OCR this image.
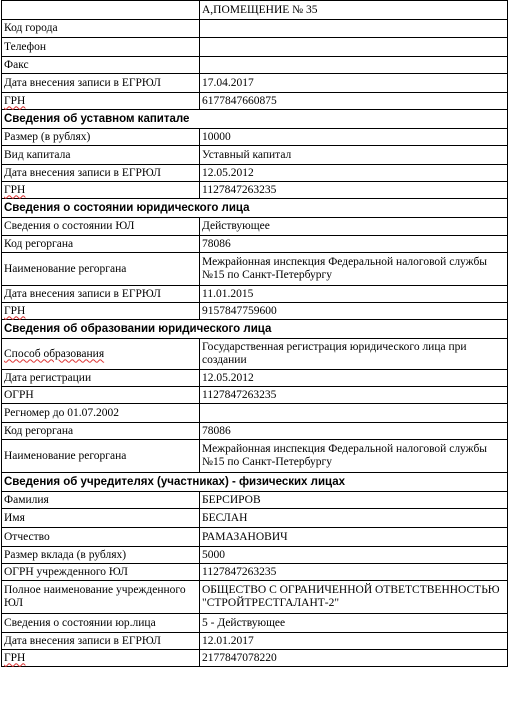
	А,ПОМЕЩЕНИЕ № 35
Код города	
Телефон	
Факс	
Дата внесения записи в ЕГРЮЛ	17.04.2017
ГРН	6177847660875
Сведения об уставном капитале	
Размер (в рублях)	10000
Вид капитала	Уставный капитал
Дата внесения записи в ЕГРЮЛ	12.05.2012
ГРН	1127847263235
Сведения о состоянии юридического лица	
Сведения о состоянии ЮЛ	Действующее
Код регоргана	78086
Наименование регоргана	Межрайонная инспекция Федеральной налоговой службы №15 по Санкт-Петербургу
Дата внесения записи в ЕГРЮЛ	11.01.2015
ГРН	9157847759600
Сведения об образовании юридического лица	
Способ образования	Государственная регистрация юридического лица при создании
Дата регистрации	12.05.2012
ОГРН	1127847263235
Регномер до 01.07.2002	
Код регоргана	78086
Наименование регоргана	Межрайонная инспекция Федеральной налоговой службы №15 по Санкт-Петербургу
Сведения об учредителях (участниках) - физических лицах	
Фамилия	БЕРСИРОВ
Имя	БЕСЛАН
Отчество	РАМАЗАНОВИЧ
Размер вклада (в рублях)	5000
ОГРН учрежденного ЮЛ	1127847263235
Полное наименование учрежденного ЮЛ	ОБЩЕСТВО С ОГРАНИЧЕННОЙ ОТВЕТСТВЕННОСТЬЮ "СТРОЙТРЕСТГАЛАНТ-2"
Сведения о состоянии юр.лица	5 - Действующее
Дата внесения записи в ЕГРЮЛ	12.01.2017
ГРН	2177847078220
